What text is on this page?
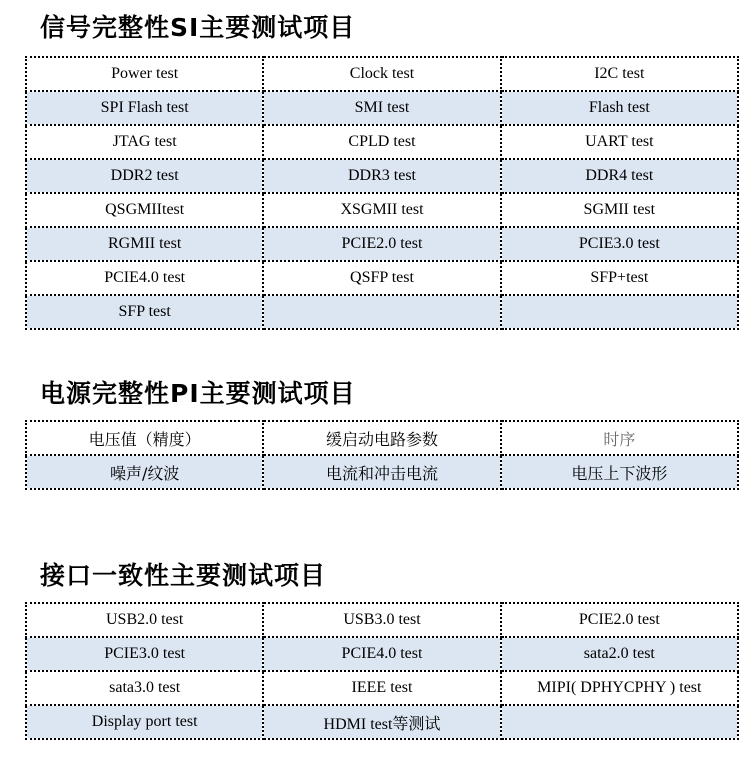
信号完整性SI主要测试项目
Power test	Clock test	I2C test
SPI Flash test	SMI test	Flash test
JTAG test	CPLD test	UART test
DDR2 test	DDR3 test	DDR4 test
QSGMIItest	XSGMII test	SGMII test
RGMII test	PCIE2.0 test	PCIE3.0 test
PCIE4.0 test	QSFP test	SFP+test
SFP test		
电源完整性PI主要测试项目
电压值（精度）	缓启动电路参数	时序
噪声/纹波	电流和冲击电流	电压上下波形
接口一致性主要测试项目
USB2.0 test	USB3.0 test	PCIE2.0 test
PCIE3.0 test	PCIE4.0 test	sata2.0 test
sata3.0 test	IEEE test	MIPI( DPHYCPHY ) test
Display port test	HDMI test等测试	
